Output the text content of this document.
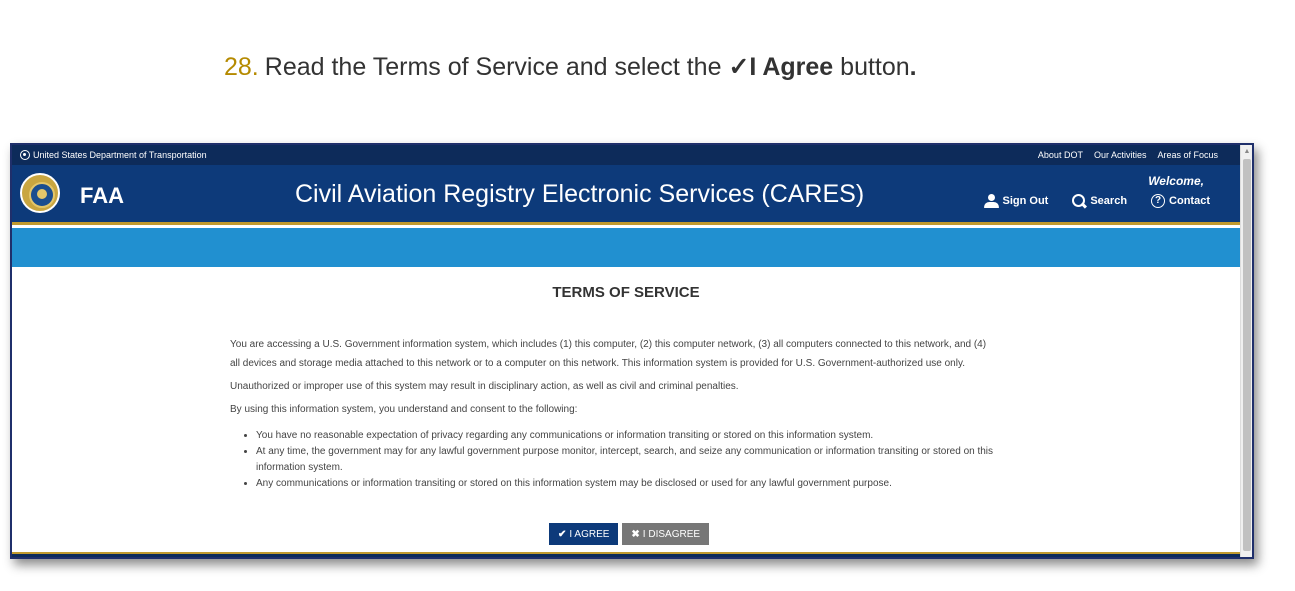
28. Read the Terms of Service and select the ✓I Agree button.
United States Department of Transportation	About DOT Our Activities Areas of Focus
FAA	Civil Aviation Registry Electronic Services (CARES)	Welcome,
Sign Out	Search	? Contact
TERMS OF SERVICE

You are accessing a U.S. Government information system, which includes (1) this computer, (2) this computer network, (3) all computers connected to this network, and (4)

all devices and storage media attached to this network or to a computer on this network. This information system is provided for U.S. Government-authorized use only.

Unauthorized or improper use of this system may result in disciplinary action, as well as civil and criminal penalties.

By using this information system, you understand and consent to the following:

• You have no reasonable expectation of privacy regarding any communications or information transiting or stored on this information system.
• At any time, the government may for any lawful government purpose monitor, intercept, search, and seize any communication or information transiting or stored on this information system.
• Any communications or information transiting or stored on this information system may be disclosed or used for any lawful government purpose.
✔ I AGREE ✖ I DISAGREE
▲
